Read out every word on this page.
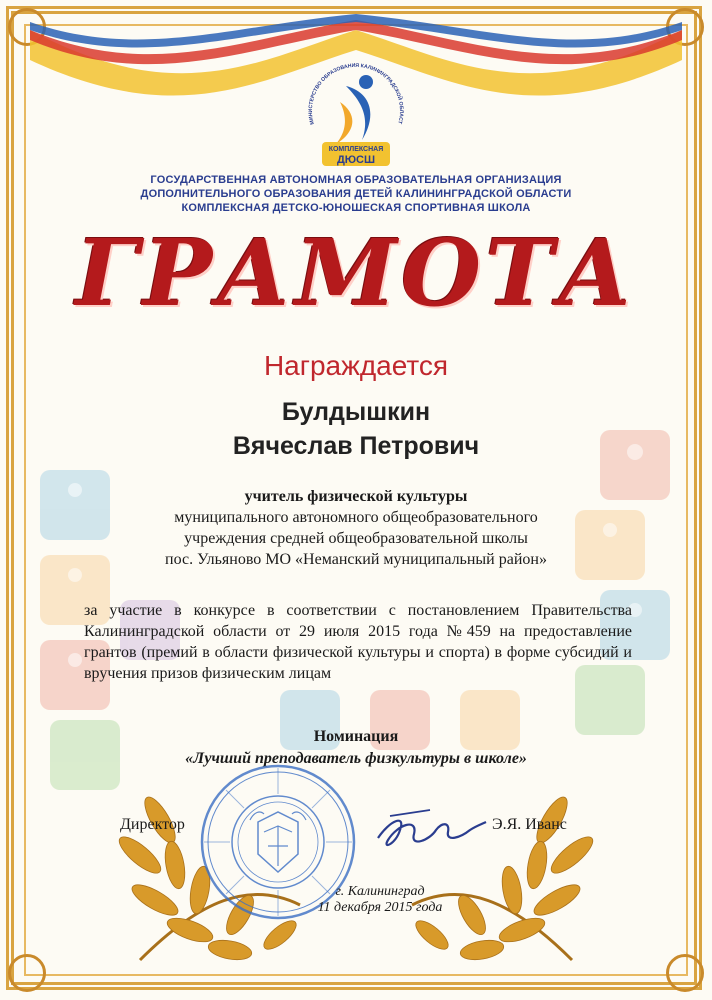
МИНИСТЕРСТВО ОБРАЗОВАНИЯ КАЛИНИНГРАДСКОЙ ОБЛАСТ
КОМПЛЕКСНАЯ
ДЮСШ
ГОСУДАРСТВЕННАЯ АВТОНОМНАЯ ОБРАЗОВАТЕЛЬНАЯ ОРГАНИЗАЦИЯ
ДОПОЛНИТЕЛЬНОГО ОБРАЗОВАНИЯ ДЕТЕЙ КАЛИНИНГРАДСКОЙ ОБЛАСТИ
КОМПЛЕКСНАЯ ДЕТСКО-ЮНОШЕСКАЯ СПОРТИВНАЯ ШКОЛА
ГРАМОТА
Награждается
Булдышкин
Вячеслав Петрович
учитель физической культуры
муниципального автономного общеобразовательного
учреждения средней общеобразовательной школы
пос. Ульяново МО «Неманский муниципальный район»
за участие в конкурсе в соответствии с постановлением Правительства Калининградской области от 29 июля 2015 года №459 на предоставление грантов (премий в области физической культуры и спорта) в форме субсидий и вручения призов физическим лицам
Номинация
«Лучший преподаватель физкультуры в школе»
Директор	Э.Я. Иванс
г. Калининград
11 декабря 2015 года
